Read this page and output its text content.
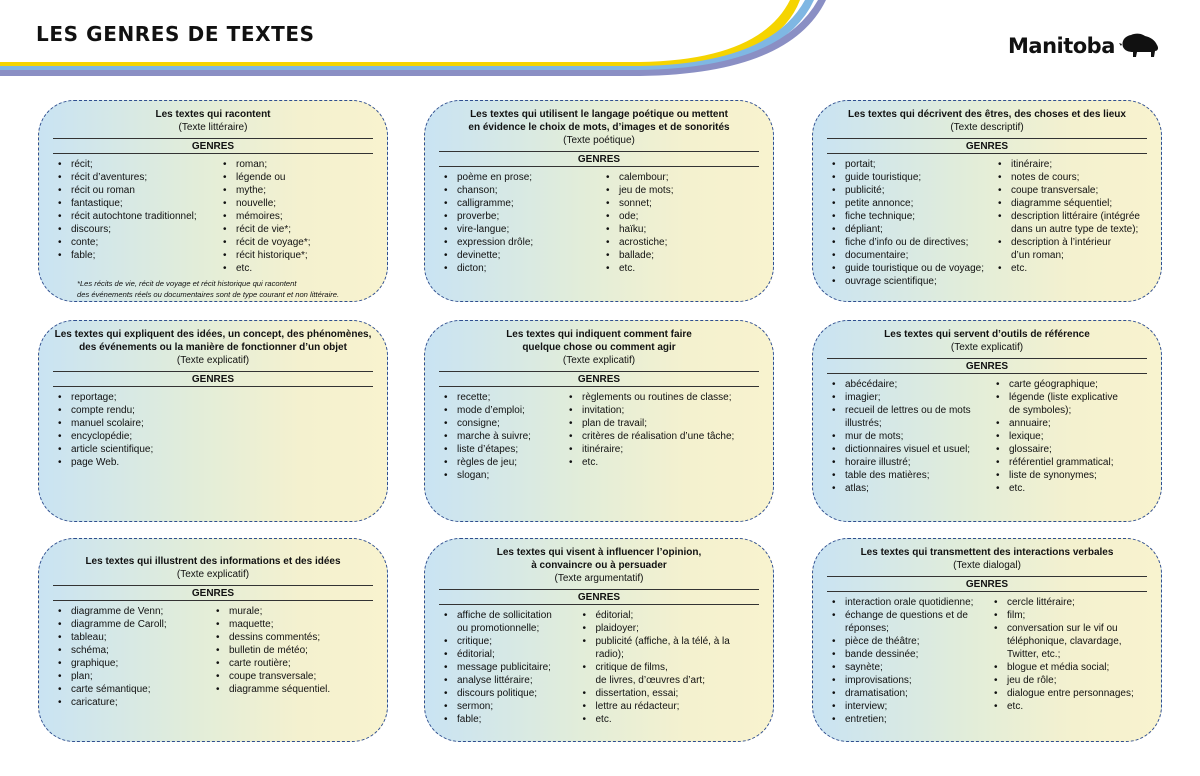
LES GENRES DE TEXTES	Manitoba
Les textes qui racontent
(Texte littéraire)
GENRES
• récit;
• récit d’aventures;
• récit ou roman
• fantastique;
• récit autochtone traditionnel;
• discours;
• conte;
• fable;
• roman;
• légende ou
• mythe;
• nouvelle;
• mémoires;
• récit de vie*;
• récit de voyage*;
• récit historique*;
• etc.
*Les récits de vie, récit de voyage et récit historique qui racontent
des événements réels ou documentaires sont de type courant et non littéraire.
Les textes qui utilisent le langage poétique ou mettent
en évidence le choix de mots, d’images et de sonorités
(Texte poétique)
GENRES
• poème en prose;
• chanson;
• calligramme;
• proverbe;
• vire-langue;
• expression drôle;
• devinette;
• dicton;
• calembour;
• jeu de mots;
• sonnet;
• ode;
• haïku;
• acrostiche;
• ballade;
• etc.
Les textes qui décrivent des êtres, des choses et des lieux
(Texte descriptif)
GENRES
• portait;
• guide touristique;
• publicité;
• petite annonce;
• fiche technique;
• dépliant;
• fiche d’info ou de directives;
• documentaire;
• guide touristique ou de voyage;
• ouvrage scientifique;
• itinéraire;
• notes de cours;
• coupe transversale;
• diagramme séquentiel;
• description littéraire (intégrée
dans un autre type de texte);
• description à l’intérieur
d’un roman;
• etc.
Les textes qui expliquent des idées, un concept, des phénomènes,
des événements ou la manière de fonctionner d’un objet
(Texte explicatif)
GENRES
• reportage;
• compte rendu;
• manuel scolaire;
• encyclopédie;
• article scientifique;
• page Web.
Les textes qui indiquent comment faire
quelque chose ou comment agir
(Texte explicatif)
GENRES
• recette;
• mode d’emploi;
• consigne;
• marche à suivre;
• liste d’étapes;
• règles de jeu;
• slogan;
• règlements ou routines de classe;
• invitation;
• plan de travail;
• critères de réalisation d’une tâche;
• itinéraire;
• etc.
Les textes qui servent d’outils de référence
(Texte explicatif)
GENRES
• abécédaire;
• imagier;
• recueil de lettres ou de mots
illustrés;
• mur de mots;
• dictionnaires visuel et usuel;
• horaire illustré;
• table des matières;
• atlas;
• carte géographique;
• légende (liste explicative
de symboles);
• annuaire;
• lexique;
• glossaire;
• référentiel grammatical;
• liste de synonymes;
• etc.
Les textes qui illustrent des informations et des idées
(Texte explicatif)
GENRES
• diagramme de Venn;
• diagramme de Caroll;
• tableau;
• schéma;
• graphique;
• plan;
• carte sémantique;
• caricature;
• murale;
• maquette;
• dessins commentés;
• bulletin de météo;
• carte routière;
• coupe transversale;
• diagramme séquentiel.
Les textes qui visent à influencer l’opinion,
à convaincre ou à persuader
(Texte argumentatif)
GENRES
• affiche de sollicitation
ou promotionnelle;
• critique;
• éditorial;
• message publicitaire;
• analyse littéraire;
• discours politique;
• sermon;
• fable;
• éditorial;
• plaidoyer;
• publicité (affiche, à la télé, à la radio);
• critique de films,
de livres, d’œuvres d’art;
• dissertation, essai;
• lettre au rédacteur;
• etc.
Les textes qui transmettent des interactions verbales
(Texte dialogal)
GENRES
• interaction orale quotidienne;
• échange de questions et de
réponses;
• pièce de théâtre;
• bande dessinée;
• saynète;
• improvisations;
• dramatisation;
• interview;
• entretien;
• cercle littéraire;
• film;
• conversation sur le vif ou
téléphonique, clavardage,
Twitter, etc.;
• blogue et média social;
• jeu de rôle;
• dialogue entre personnages;
• etc.
